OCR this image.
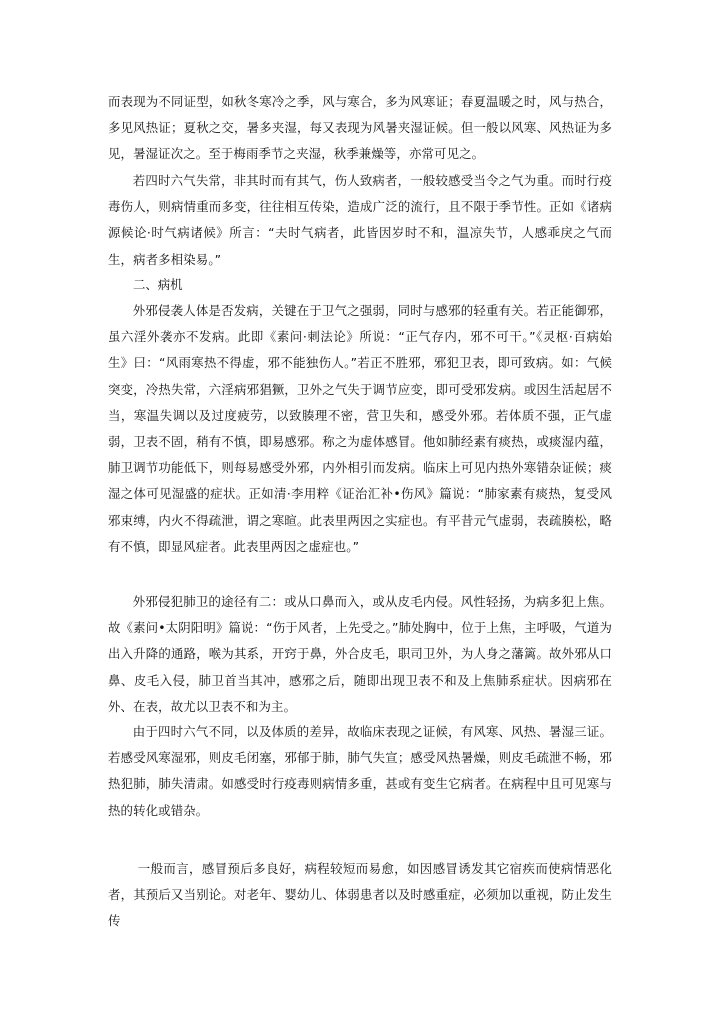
而表现为不同证型，如秋冬寒冷之季，风与寒合，多为风寒证；春夏温暖之时，风与热合，多见风热证；夏秋之交，暑多夹湿，每又表现为风暑夹湿证候。但一般以风寒、风热证为多见，暑湿证次之。至于梅雨季节之夹湿，秋季兼燥等，亦常可见之。

若四时六气失常，非其时而有其气，伤人致病者，一般较感受当令之气为重。而时行疫毒伤人，则病情重而多变，往往相互传染，造成广泛的流行，且不限于季节性。正如《诸病源候论·时气病诸候》所言：“夫时气病者，此皆因岁时不和，温凉失节，人感乖戾之气而生，病者多相染易。”

二、病机

外邪侵袭人体是否发病，关键在于卫气之强弱，同时与感邪的轻重有关。若正能御邪，虽六淫外袭亦不发病。此即《素问·刺法论》所说：“正气存内，邪不可干。”《灵枢·百病始生》曰：“风雨寒热不得虚，邪不能独伤人。”若正不胜邪，邪犯卫表，即可致病。如：气候突变，冷热失常，六淫病邪猖獗，卫外之气失于调节应变，即可受邪发病。或因生活起居不当，寒温失调以及过度疲劳，以致腠理不密，营卫失和，感受外邪。若体质不强，正气虚弱，卫表不固，稍有不慎，即易感邪。称之为虚体感冒。他如肺经素有痰热，或痰湿内蕴，肺卫调节功能低下，则每易感受外邪，内外相引而发病。临床上可见内热外寒错杂证候；痰湿之体可见湿盛的症状。正如清·李用粹《证治汇补•伤风》篇说：“肺家素有痰热，复受风邪束缚，内火不得疏泄，谓之寒暄。此表里两因之实症也。有平昔元气虚弱，表疏腠松，略有不慎，即显风症者。此表里两因之虚症也。”

外邪侵犯肺卫的途径有二：或从口鼻而入，或从皮毛内侵。风性轻扬，为病多犯上焦。故《素问•太阴阳明》篇说：“伤于风者，上先受之。”肺处胸中，位于上焦，主呼吸，气道为出入升降的通路，喉为其系，开窍于鼻，外合皮毛，职司卫外，为人身之藩篱。故外邪从口鼻、皮毛入侵，肺卫首当其冲，感邪之后，随即出现卫表不和及上焦肺系症状。因病邪在外、在表，故尤以卫表不和为主。

由于四时六气不同，以及体质的差异，故临床表现之证候，有风寒、风热、暑湿三证。若感受风寒湿邪，则皮毛闭塞，邪郁于肺，肺气失宣；感受风热暑燥，则皮毛疏泄不畅，邪热犯肺，肺失清肃。如感受时行疫毒则病情多重，甚或有变生它病者。在病程中且可见寒与热的转化或错杂。

一般而言，感冒预后多良好，病程较短而易愈，如因感冒诱发其它宿疾而使病情恶化者，其预后又当别论。对老年、婴幼儿、体弱患者以及时感重症，必须加以重视，防止发生传
